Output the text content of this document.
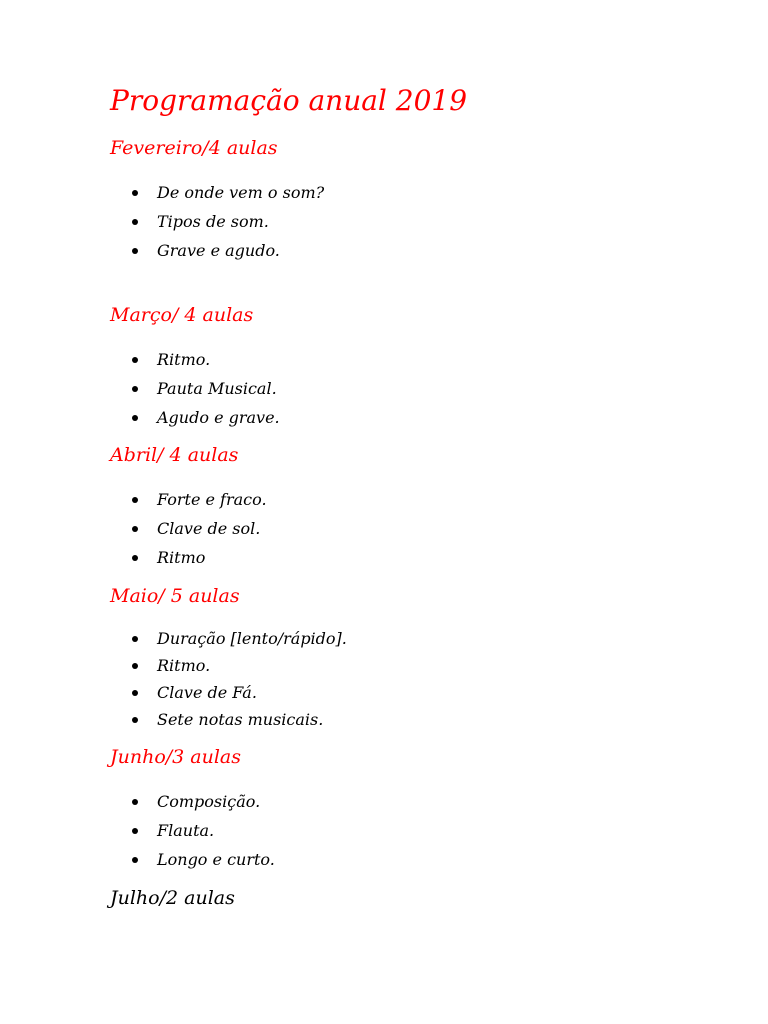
Programação anual 2019
Fevereiro/4 aulas
De onde vem o som?
Tipos de som.
Grave e agudo.
Março/ 4 aulas
Ritmo.
Pauta Musical.
Agudo e grave.
Abril/ 4 aulas
Forte e fraco.
Clave de sol.
Ritmo
Maio/ 5 aulas
Duração [lento/rápido].
Ritmo.
Clave de Fá.
Sete notas musicais.
Junho/3 aulas
Composição.
Flauta.
Longo e curto.
Julho/2 aulas
